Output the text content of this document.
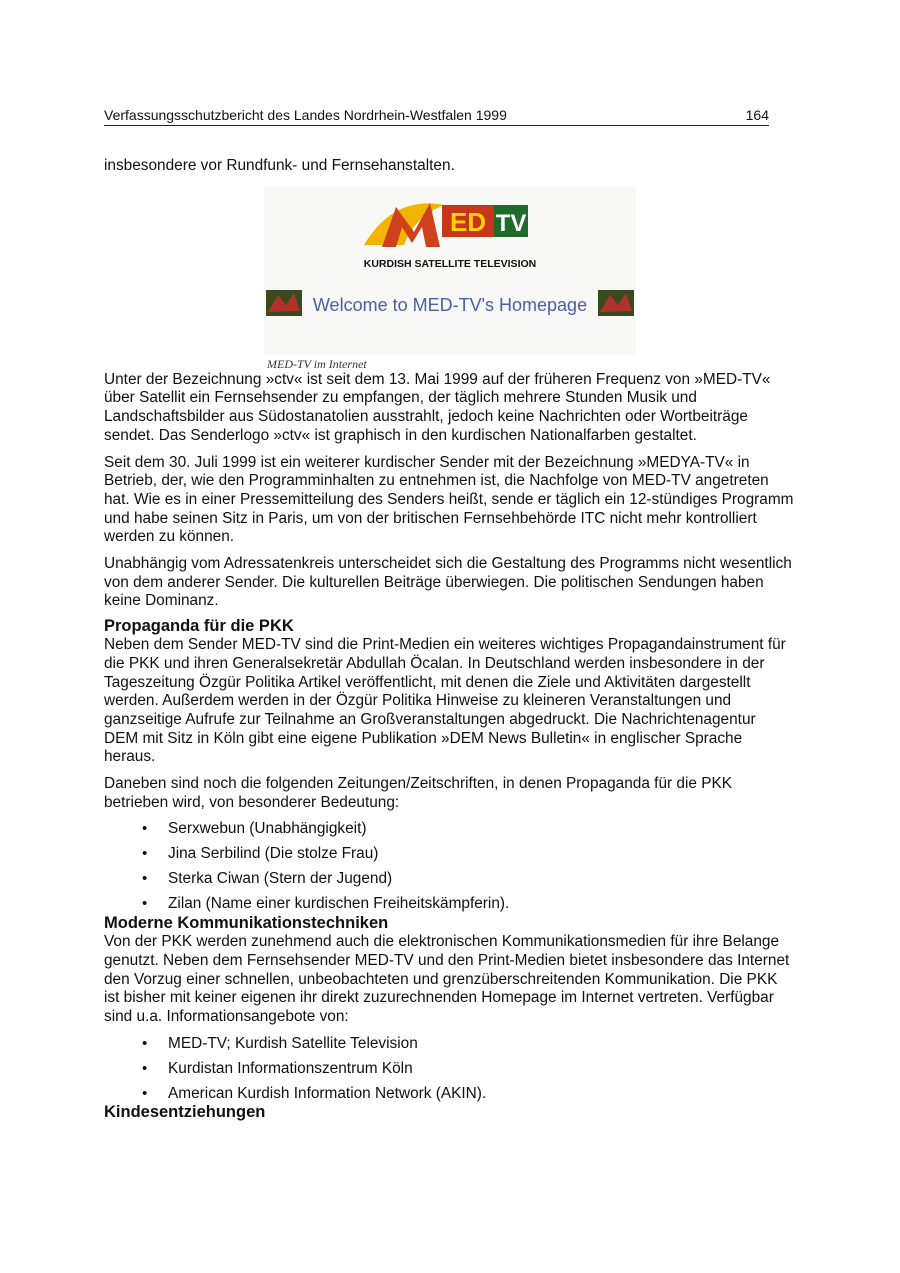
Verfassungsschutzbericht des Landes Nordrhein-Westfalen 1999	164

insbesondere vor Rundfunk- und Fernsehanstalten.

ED TV
KURDISH SATELLITE TELEVISION
Welcome to MED-TV's Homepage
MED-TV im Internet

Unter der Bezeichnung »ctv« ist seit dem 13. Mai 1999 auf der früheren Frequenz von »MED-TV« über Satellit ein Fernsehsender zu empfangen, der täglich mehrere Stunden Musik und Landschaftsbilder aus Südostanatolien ausstrahlt, jedoch keine Nachrichten oder Wortbeiträge sendet. Das Senderlogo »ctv« ist graphisch in den kurdischen Nationalfarben gestaltet.

Seit dem 30. Juli 1999 ist ein weiterer kurdischer Sender mit der Bezeichnung »MEDYA-TV« in Betrieb, der, wie den Programminhalten zu entnehmen ist, die Nachfolge von MED-TV angetreten hat. Wie es in einer Pressemitteilung des Senders heißt, sende er täglich ein 12-stündiges Programm und habe seinen Sitz in Paris, um von der britischen Fernsehbehörde ITC nicht mehr kontrolliert werden zu können.

Unabhängig vom Adressatenkreis unterscheidet sich die Gestaltung des Programms nicht wesentlich von dem anderer Sender. Die kulturellen Beiträge überwiegen. Die politischen Sendungen haben keine Dominanz.

Propaganda für die PKK

Neben dem Sender MED-TV sind die Print-Medien ein weiteres wichtiges Propagandainstrument für die PKK und ihren Generalsekretär Abdullah Öcalan. In Deutschland werden insbesondere in der Tageszeitung Özgür Politika Artikel veröffentlicht, mit denen die Ziele und Aktivitäten dargestellt werden. Außerdem werden in der Özgür Politika Hinweise zu kleineren Veranstaltungen und ganzseitige Aufrufe zur Teilnahme an Großveranstaltungen abgedruckt. Die Nachrichtenagentur DEM mit Sitz in Köln gibt eine eigene Publikation »DEM News Bulletin« in englischer Sprache heraus.

Daneben sind noch die folgenden Zeitungen/Zeitschriften, in denen Propaganda für die PKK betrieben wird, von besonderer Bedeutung:

• Serxwebun (Unabhängigkeit)
• Jina Serbilind (Die stolze Frau)
• Sterka Ciwan (Stern der Jugend)
• Zilan (Name einer kurdischen Freiheitskämpferin).
Moderne Kommunikationstechniken

Von der PKK werden zunehmend auch die elektronischen Kommunikationsmedien für ihre Belange genutzt. Neben dem Fernsehsender MED-TV und den Print-Medien bietet insbesondere das Internet den Vorzug einer schnellen, unbeobachteten und grenzüberschreitenden Kommunikation. Die PKK ist bisher mit keiner eigenen ihr direkt zuzurechnenden Homepage im Internet vertreten. Verfügbar sind u.a. Informationsangebote von:

• MED-TV; Kurdish Satellite Television
• Kurdistan Informationszentrum Köln
• American Kurdish Information Network (AKIN).
Kindesentziehungen
